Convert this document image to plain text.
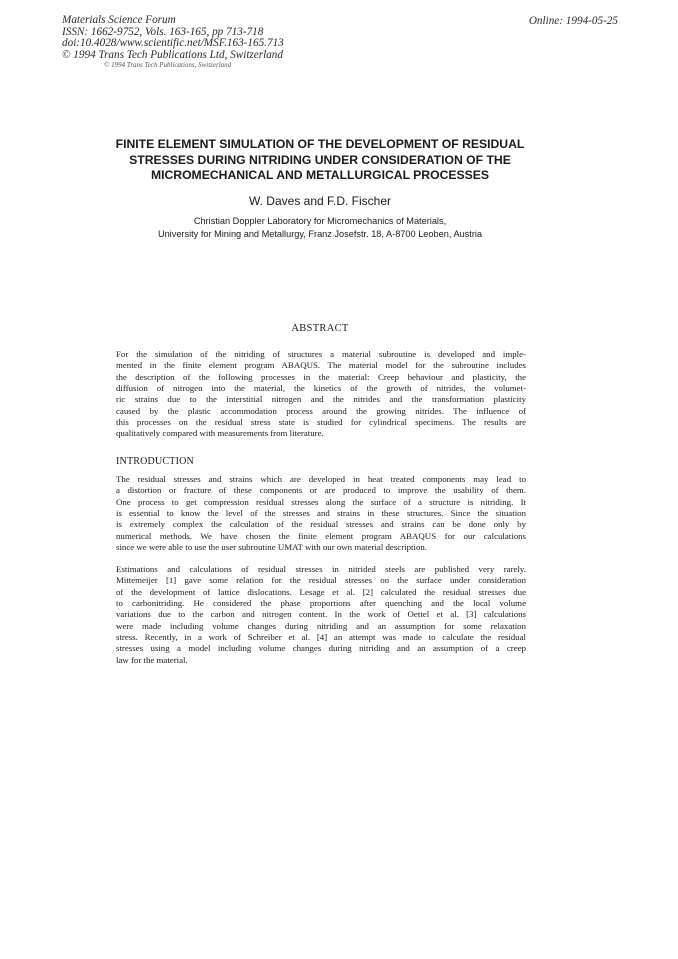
Materials Science Forum
ISSN: 1662-9752, Vols. 163-165, pp 713-718
doi:10.4028/www.scientific.net/MSF.163-165.713
© 1994 Trans Tech Publications Ltd, Switzerland
© 1994 Trans Tech Publications, Switzerland
Online: 1994-05-25
FINITE ELEMENT SIMULATION OF THE DEVELOPMENT OF RESIDUAL
STRESSES DURING NITRIDING UNDER CONSIDERATION OF THE
MICROMECHANICAL AND METALLURGICAL PROCESSES
W. Daves and F.D. Fischer
Christian Doppler Laboratory for Micromechanics of Materials,
University for Mining and Metallurgy, Franz Josefstr. 18, A-8700 Leoben, Austria
ABSTRACT
For the simulation of the nitriding of structures a material subroutine is developed and imple-
mented in the finite element program ABAQUS. The material model for the subroutine includes
the description of the following processes in the material: Creep behaviour and plasticity, the
diffusion of nitrogen into the material, the kinetics of the growth of nitrides, the volumet-
ric strains due to the interstitial nitrogen and the nitrides and the transformation plasticity
caused by the plastic accommodation process around the growing nitrides. The influence of
this processes on the residual stress state is studied for cylindrical specimens. The results are
qualitatively compared with measurements from literature.
INTRODUCTION
The residual stresses and strains which are developed in heat treated components may lead to
a distortion or fracture of these components or are produced to improve the usability of them.
One process to get compression residual stresses along the surface of a structure is nitriding. It
is essential to know the level of the stresses and strains in these structures. Since the situation
is extremely complex the calculation of the residual stresses and strains can be done only by
numerical methods. We have chosen the finite element program ABAQUS for our calculations
since we were able to use the user subroutine UMAT with our own material description.
Estimations and calculations of residual stresses in nitrided steels are published very rarely.
Mittemeijer [1] gave some relation for the residual stresses on the surface under consideration
of the development of lattice dislocations. Lesage et al. [2] calculated the residual stresses due
to carbonitriding. He considered the phase proportions after quenching and the local volume
variations due to the carbon and nitrogen content. In the work of Oettel et al. [3] calculations
were made including volume changes during nitriding and an assumption for some relaxation
stress. Recently, in a work of Schreiber et al. [4] an attempt was made to calculate the residual
stresses using a model including volume changes during nitriding and an assumption of a creep
law for the material.
